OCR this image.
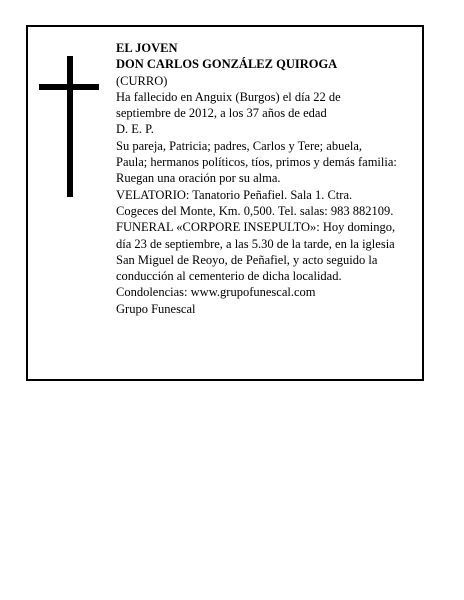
EL JOVEN
DON CARLOS GONZÁLEZ QUIROGA
(CURRO)
Ha fallecido en Anguix (Burgos) el día 22 de
septiembre de 2012, a los 37 años de edad
D. E. P.
Su pareja, Patricia; padres, Carlos y Tere; abuela,
Paula; hermanos políticos, tíos, primos y demás familia:
Ruegan una oración por su alma.
VELATORIO: Tanatorio Peñafiel. Sala 1. Ctra.
Cogeces del Monte, Km. 0,500. Tel. salas: 983 882109.
FUNERAL «CORPORE INSEPULTO»: Hoy domingo,
día 23 de septiembre, a las 5.30 de la tarde, en la iglesia
San Miguel de Reoyo, de Peñafiel, y acto seguido la
conducción al cementerio de dicha localidad.
Condolencias: www.grupofunescal.com
Grupo Funescal
